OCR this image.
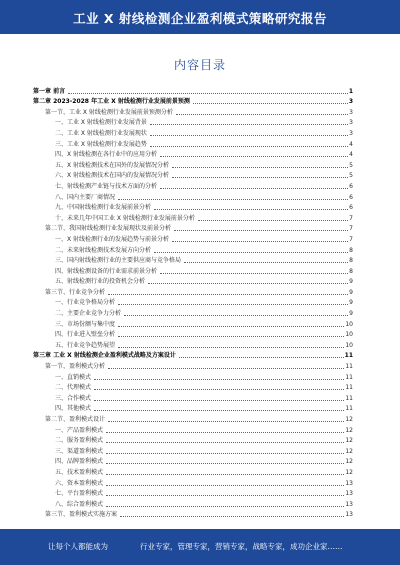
工业 X 射线检测企业盈利模式策略研究报告
内容目录
第一章 前言	1
第二章 2023-2028 年工业 X 射线检测行业发展前景预测	3
第一节、工业 X 射线检测行业发展前景预测分析	3
一、工业 X 射线检测行业发展背景	3
二、工业 X 射线检测行业发展现状	3
三、工业 X 射线检测行业发展趋势	4
四、X 射线检测在各行业中的应用分析	4
五、X 射线检测技术在国外的发展情况分析	5
六、X 射线检测技术在国内的发展情况分析	5
七、射线检测产业链与技术方面的分析	6
八、国内主要厂商情况	6
九、中国射线检测行业发展前景分析	6
十、未来几年中国工业 X 射线检测行业发展前景分析	7
第二节、我国射线检测行业发展现状及前景分析	7
一、X 射线检测行业的发展趋势与前景分析	7
二、未来射线检测技术发展方向分析	8
三、国内射线检测行业的主要供应商与竞争格局	8
四、射线检测设备的行业需求前景分析	8
五、射线检测行业的投资机会分析	9
第三节、行业竞争分析	9
一、行业竞争格局分析	9
二、主要企业竞争力分析	9
三、市场份额与集中度	10
四、行业进入壁垒分析	10
五、行业竞争趋势展望	10
第三章 工业 X 射线检测企业盈利模式战略及方案设计	11
第一节、盈利模式分析	11
一、直销模式	11
二、代理模式	11
三、合作模式	11
四、其他模式	11
第二节、盈利模式设计	12
一、产品盈利模式	12
二、服务盈利模式	12
三、渠道盈利模式	12
四、品牌盈利模式	12
五、技术盈利模式	12
六、资本盈利模式	13
七、平台盈利模式	13
八、综合盈利模式	13
第三节、盈利模式实施方案	13
让每个人都能成为	行业专家，管理专家，营销专家，战略专家，成功企业家……
